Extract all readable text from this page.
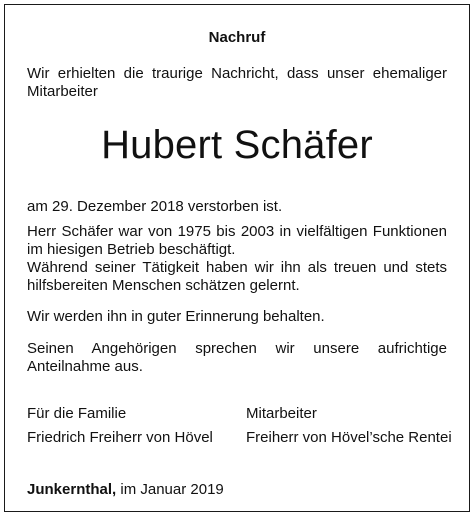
Nachruf
Wir erhielten die traurige Nachricht, dass unser ehemaliger Mitarbeiter
Hubert Schäfer
am 29. Dezember 2018 verstorben ist.
Herr Schäfer war von 1975 bis 2003 in vielfältigen Funktionen im hiesigen Betrieb beschäftigt.
Während seiner Tätigkeit haben wir ihn als treuen und stets hilfsbereiten Menschen schätzen gelernt.
Wir werden ihn in guter Erinnerung behalten.
Seinen Angehörigen sprechen wir unsere aufrichtige Anteilnahme aus.
Für die Familie
Friedrich Freiherr von Hövel
Mitarbeiter
Freiherr von Hövel’sche Rentei
Junkernthal, im Januar 2019
